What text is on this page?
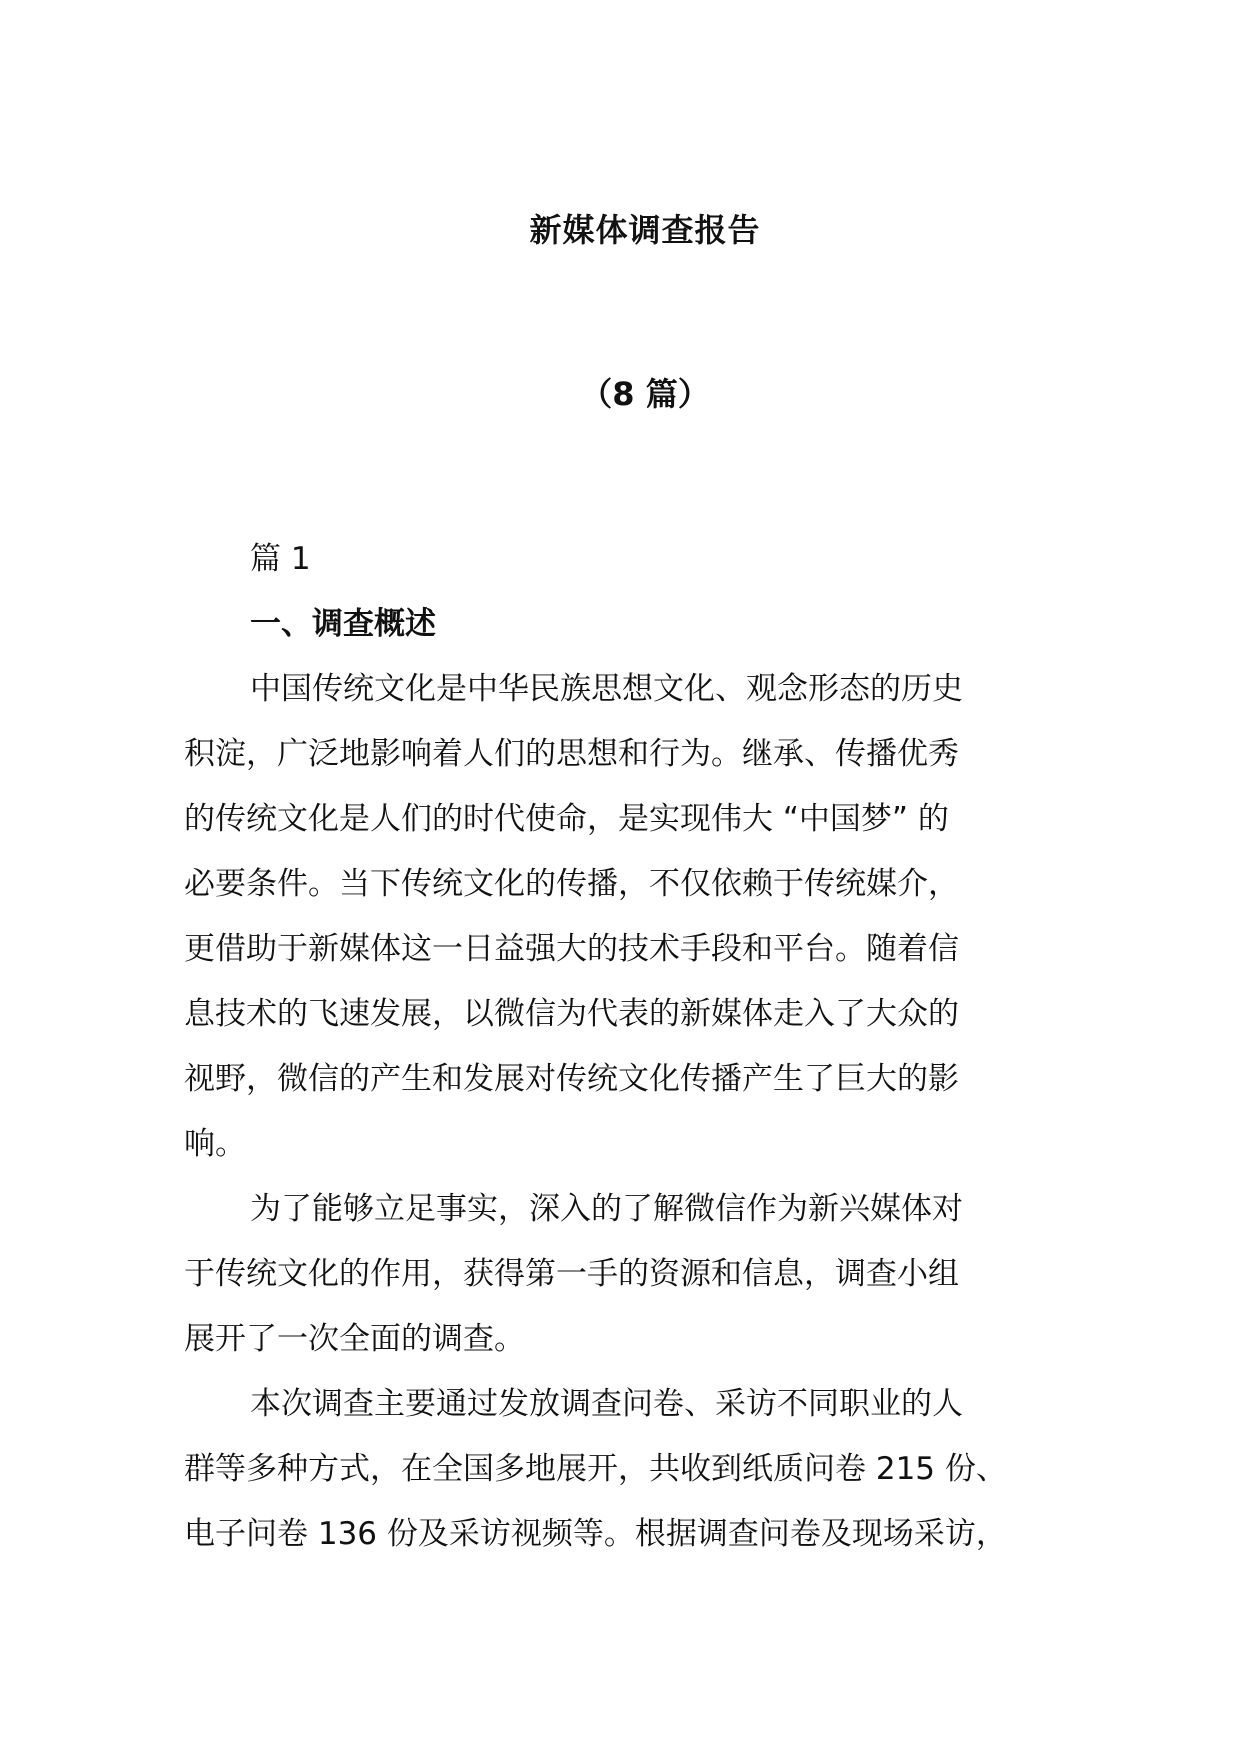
新媒体调查报告
（8 篇）
篇 1
一、调查概述
中国传统文化是中华民族思想文化、观念形态的历史
积淀，广泛地影响着人们的思想和行为。继承、传播优秀
的传统文化是人们的时代使命，是实现伟大 “中国梦” 的
必要条件。当下传统文化的传播，不仅依赖于传统媒介，
更借助于新媒体这一日益强大的技术手段和平台。随着信
息技术的飞速发展，以微信为代表的新媒体走入了大众的
视野，微信的产生和发展对传统文化传播产生了巨大的影
响。
为了能够立足事实，深入的了解微信作为新兴媒体对
于传统文化的作用，获得第一手的资源和信息，调查小组
展开了一次全面的调查。
本次调查主要通过发放调查问卷、采访不同职业的人
群等多种方式，在全国多地展开，共收到纸质问卷 215 份、
电子问卷 136 份及采访视频等。根据调查问卷及现场采访，
